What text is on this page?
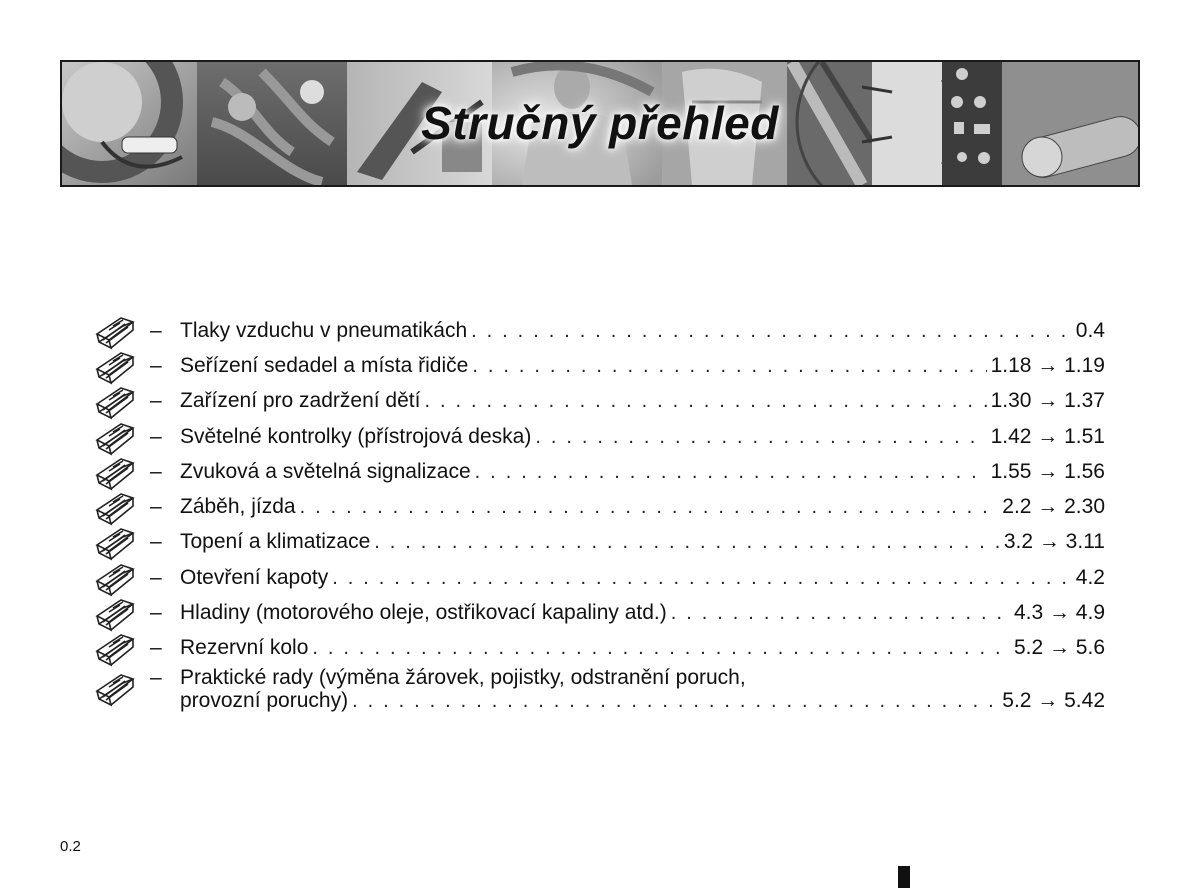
Stručný přehled
– Tlaky vzduchu v pneumatikách . . .	0.4
– Seřízení sedadel a místa řidiče . . .	1.18 → 1.19
– Zařízení pro zadržení dětí . . .	1.30 → 1.37
– Světelné kontrolky (přístrojová deska) . . .	1.42 → 1.51
– Zvuková a světelná signalizace . . .	1.55 → 1.56
– Záběh, jízda . . .	2.2 → 2.30
– Topení a klimatizace . . .	3.2 → 3.11
– Otevření kapoty . . .	4.2
– Hladiny (motorového oleje, ostřikovací kapaliny atd.) . . .	4.3 → 4.9
– Rezervní kolo . . .	5.2 → 5.6
– Praktické rady (výměna žárovek, pojistky, odstranění poruch,
provozní poruchy) . . .	5.2 → 5.42
0.2
